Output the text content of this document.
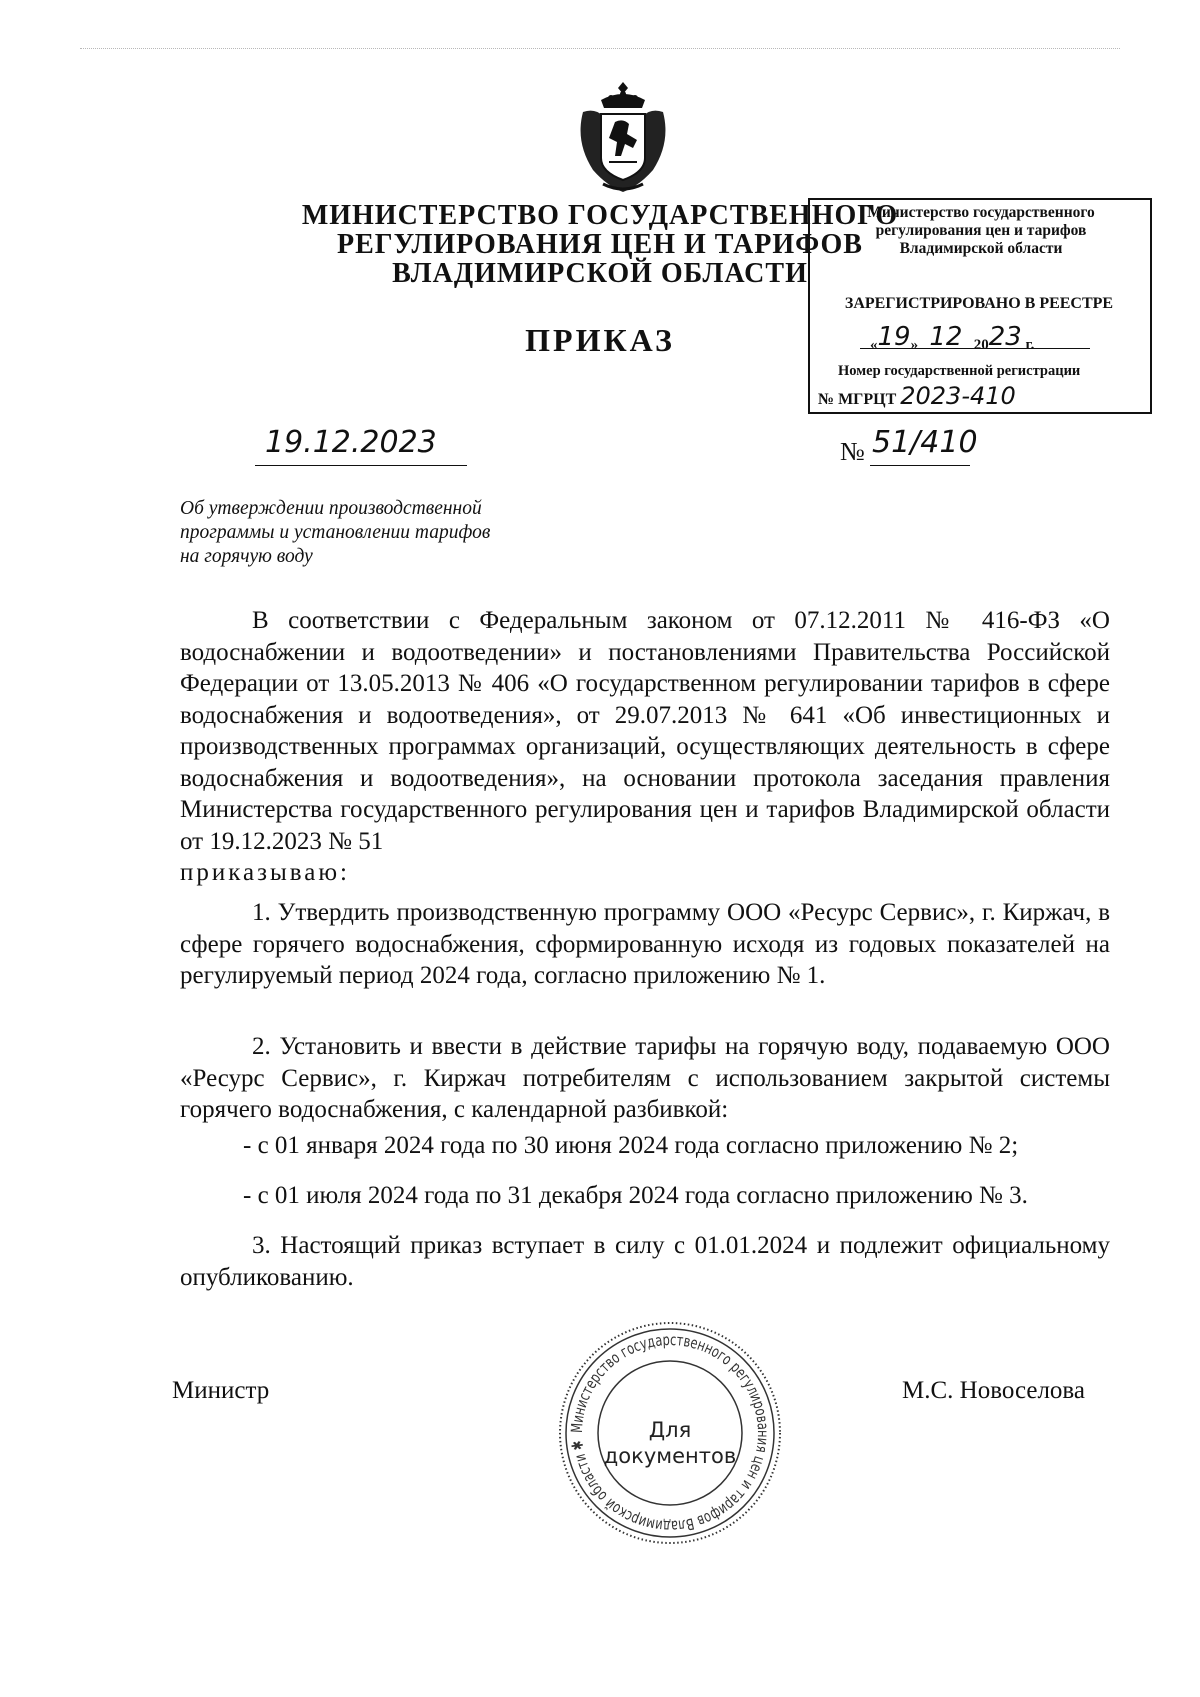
МИНИСТЕРСТВО ГОСУДАРСТВЕННОГО
РЕГУЛИРОВАНИЯ ЦЕН И ТАРИФОВ
ВЛАДИМИРСКОЙ ОБЛАСТИ
ПРИКАЗ
Министерство государственного
регулирования цен и тарифов
Владимирской области
ЗАРЕГИСТРИРОВАНО В РЕЕСТРЕ
«19»   12 2023 г.
Номер государственной регистрации
№ МГРЦТ 2023-410
19.12.2023	№ 51/410
Об утверждении производственной
программы и установлении тарифов
на горячую воду
В соответствии с Федеральным законом от 07.12.2011 № 416-ФЗ «О водоснабжении и водоотведении» и постановлениями Правительства Российской Федерации от 13.05.2013 № 406 «О государственном регулировании тарифов в сфере водоснабжения и водоотведения», от 29.07.2013 № 641 «Об инвестиционных и производственных программах организаций, осуществляющих деятельность в сфере водоснабжения и водоотведения», на основании протокола заседания правления Министерства государственного регулирования цен и тарифов Владимирской области от 19.12.2023 № 51
приказываю:
1. Утвердить производственную программу ООО «Ресурс Сервис», г. Киржач, в сфере горячего водоснабжения, сформированную исходя из годовых показателей на регулируемый период 2024 года, согласно приложению № 1.
2. Установить и ввести в действие тарифы на горячую воду, подаваемую ООО «Ресурс Сервис», г. Киржач потребителям с использованием закрытой системы горячего водоснабжения, с календарной разбивкой:
- с 01 января 2024 года по 30 июня 2024 года согласно приложению № 2;
- с 01 июля 2024 года по 31 декабря 2024 года согласно приложению № 3.
3. Настоящий приказ вступает в силу с 01.01.2024 и подлежит официальному опубликованию.
Министр	М.С. Новоселова
Министерство государственного регулирования цен и тарифов Владимирской области ✱
Для
документов
